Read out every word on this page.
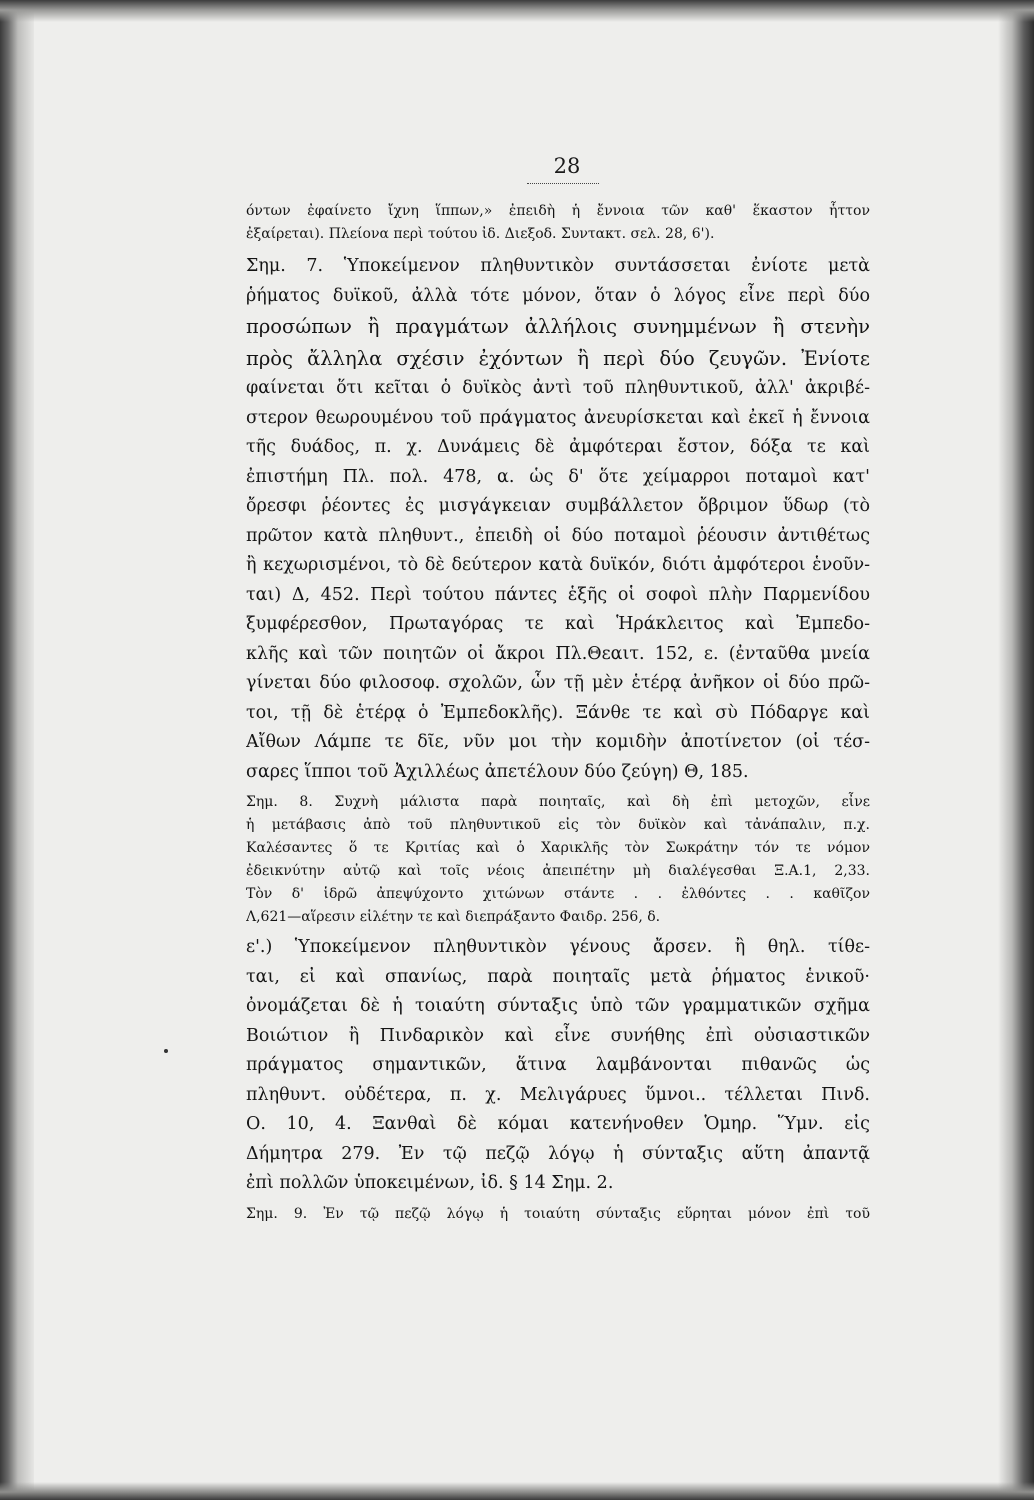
28
όντων ἐφαίνετο ἴχνη ἵππων,» ἐπειδὴ ἡ ἔννοια τῶν καθ' ἕκαστον ἧττον
ἐξαίρεται). Πλείονα περὶ τούτου ἰδ. Διεξοδ. Συντακτ. σελ. 28, 6').
Σημ. 7. Ὑποκείμενον πληθυντικὸν συντάσσεται ἐνίοτε μετὰ
ῥήματος δυϊκοῦ, ἀλλὰ τότε μόνον, ὅταν ὁ λόγος εἶνε περὶ δύο
προσώπων ἢ πραγμάτων ἀλλήλοις συνημμένων ἢ στενὴν
πρὸς ἄλληλα σχέσιν ἐχόντων ἢ περὶ δύο ζευγῶν. Ἐνίοτε
φαίνεται ὅτι κεῖται ὁ δυϊκὸς ἀντὶ τοῦ πληθυντικοῦ, ἀλλ' ἀκριβέ-
στερον θεωρουμένου τοῦ πράγματος ἀνευρίσκεται καὶ ἐκεῖ ἡ ἔννοια
τῆς δυάδος, π. χ. Δυνάμεις δὲ ἀμφότεραι ἔστον, δόξα τε καὶ
ἐπιστήμη Πλ. πολ. 478, α. ὡς δ' ὅτε χείμαρροι ποταμοὶ κατ'
ὄρεσφι ῥέοντες ἐς μισγάγκειαν συμβάλλετον ὄβριμον ὕδωρ (τὸ
πρῶτον κατὰ πληθυντ., ἐπειδὴ οἱ δύο ποταμοὶ ῥέουσιν ἀντιθέτως
ἢ κεχωρισμένοι, τὸ δὲ δεύτερον κατὰ δυϊκόν, διότι ἀμφότεροι ἑνοῦν-
ται) Δ, 452. Περὶ τούτου πάντες ἑξῆς οἱ σοφοὶ πλὴν Παρμενίδου
ξυμφέρεσθον, Πρωταγόρας τε καὶ Ἡράκλειτος καὶ Ἐμπεδο-
κλῆς καὶ τῶν ποιητῶν οἱ ἄκροι Πλ.Θεαιτ. 152, ε. (ἐνταῦθα μνεία
γίνεται δύο φιλοσοφ. σχολῶν, ὧν τῇ μὲν ἑτέρᾳ ἀνῆκον οἱ δύο πρῶ-
τοι, τῇ δὲ ἑτέρᾳ ὁ Ἐμπεδοκλῆς). Ξάνθε τε καὶ σὺ Πόδαργε καὶ
Αἴθων Λάμπε τε δῖε, νῦν μοι τὴν κομιδὴν ἀποτίνετον (οἱ τέσ-
σαρες ἵπποι τοῦ Ἀχιλλέως ἀπετέλουν δύο ζεύγη) Θ, 185.
Σημ. 8. Συχνὴ μάλιστα παρὰ ποιηταῖς, καὶ δὴ ἐπὶ μετοχῶν, εἶνε
ἡ μετάβασις ἀπὸ τοῦ πληθυντικοῦ εἰς τὸν δυϊκὸν καὶ τἀνάπαλιν, π.χ.
Καλέσαντες ὅ τε Κριτίας καὶ ὁ Χαρικλῆς τὸν Σωκράτην τόν τε νόμον
ἐδεικνύτην αὐτῷ καὶ τοῖς νέοις ἀπειπέτην μὴ διαλέγεσθαι Ξ.Α.1, 2,33.
Τὸν δ' ἱδρῶ ἀπεψύχοντο χιτώνων στάντε . . ἐλθόντες . . καθῖζον
Λ,621—αἵρεσιν εἱλέτην τε καὶ διεπράξαντο Φαιδρ. 256, δ.
ε'.) Ὑποκείμενον πληθυντικὸν γένους ἄρσεν. ἢ θηλ. τίθε-
ται, εἰ καὶ σπανίως, παρὰ ποιηταῖς μετὰ ῥήματος ἑνικοῦ·
ὀνομάζεται δὲ ἡ τοιαύτη σύνταξις ὑπὸ τῶν γραμματικῶν σχῆμα
Βοιώτιον ἢ Πινδαρικὸν καὶ εἶνε συνήθης ἐπὶ οὐσιαστικῶν
πράγματος σημαντικῶν, ἅτινα λαμβάνονται πιθανῶς ὡς
πληθυντ. οὐδέτερα, π. χ. Μελιγάρυες ὕμνοι.. τέλλεται Πινδ.
Ο. 10, 4. Ξανθαὶ δὲ κόμαι κατενήνοθεν Ὁμηρ. Ὕμν. εἰς
Δήμητρα 279. Ἐν τῷ πεζῷ λόγῳ ἡ σύνταξις αὕτη ἀπαντᾷ
ἐπὶ πολλῶν ὑποκειμένων, ἰδ. § 14 Σημ. 2.
Σημ. 9. Ἐν τῷ πεζῷ λόγῳ ἡ τοιαύτη σύνταξις εὕρηται μόνον ἐπὶ τοῦ
